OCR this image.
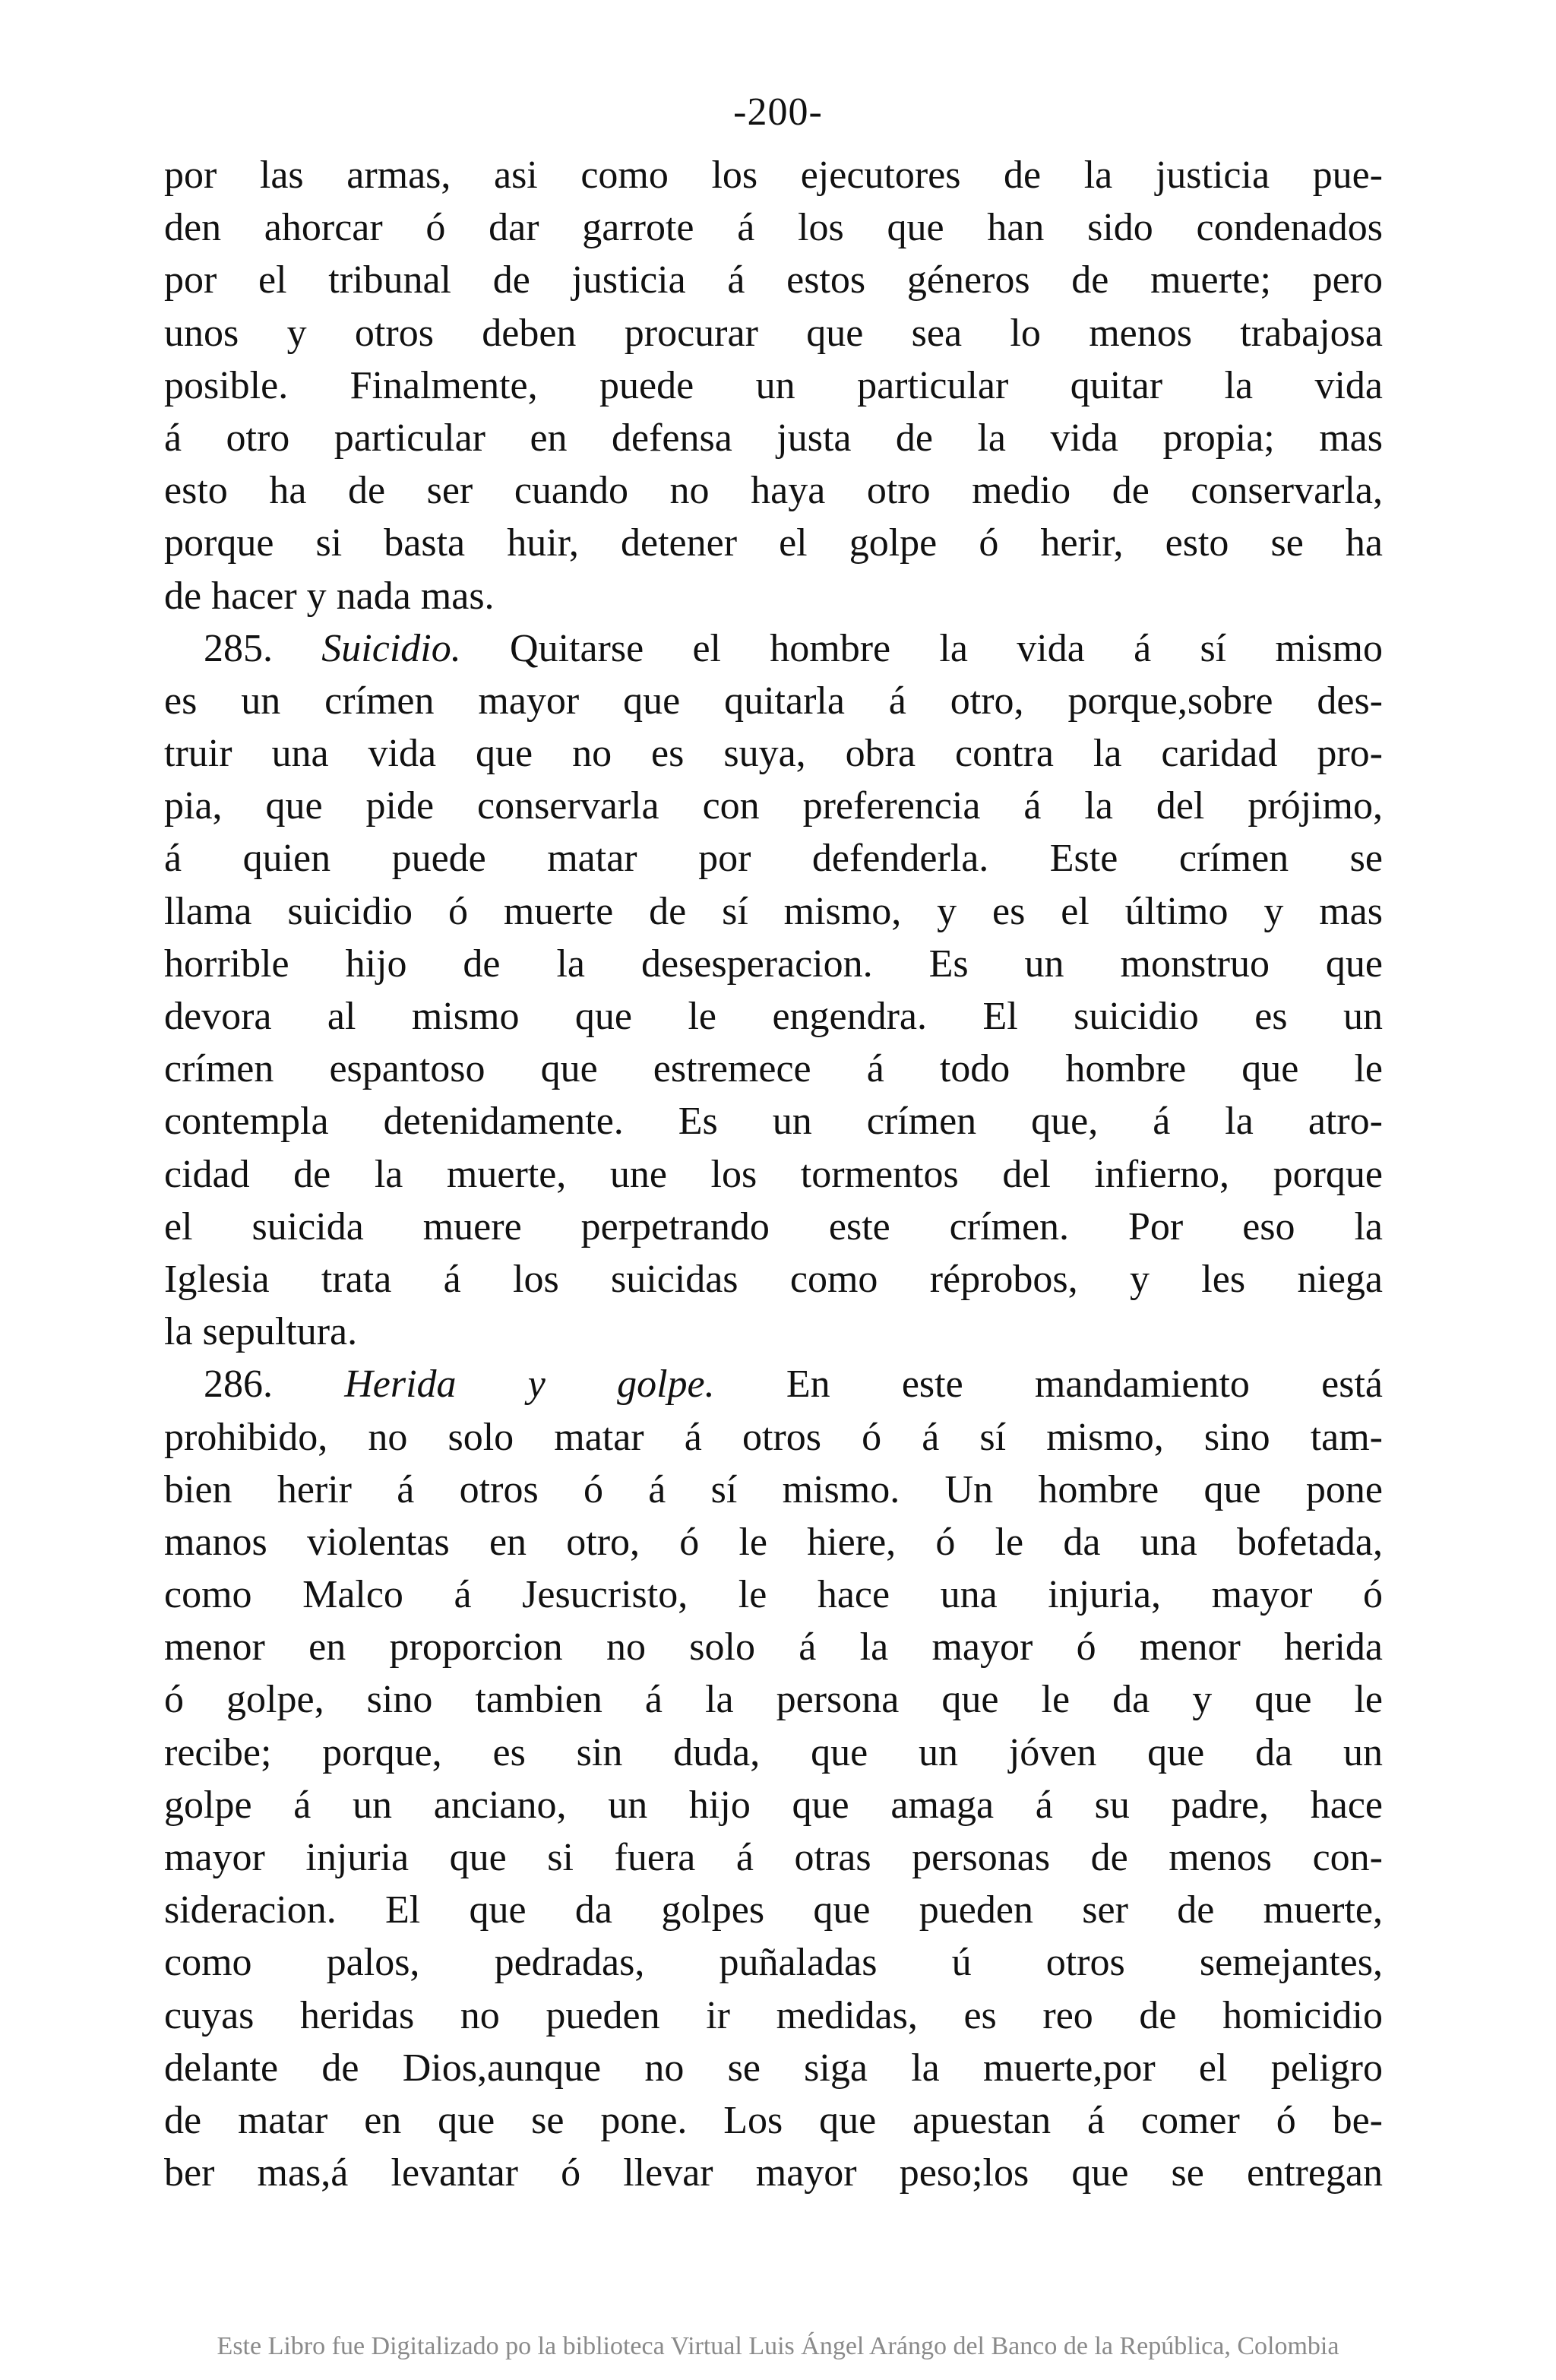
-200-
por las armas, asi como los ejecutores de la justicia pue-
den ahorcar ó dar garrote á los que han sido condenados
por el tribunal de justicia á estos géneros de muerte; pero
unos y otros deben procurar que sea lo menos trabajosa
posible. Finalmente, puede un particular quitar la vida
á otro particular en defensa justa de la vida propia; mas
esto ha de ser cuando no haya otro medio de conservarla,
porque si basta huir, detener el golpe ó herir, esto se ha
de hacer y nada mas.
285. Suicidio. Quitarse el hombre la vida á sí mismo
es un crímen mayor que quitarla á otro, porque,sobre des-
truir una vida que no es suya, obra contra la caridad pro-
pia, que pide conservarla con preferencia á la del prójimo,
á quien puede matar por defenderla. Este crímen se
llama suicidio ó muerte de sí mismo, y es el último y mas
horrible hijo de la desesperacion. Es un monstruo que
devora al mismo que le engendra. El suicidio es un
crímen espantoso que estremece á todo hombre que le
contempla detenidamente. Es un crímen que, á la atro-
cidad de la muerte, une los tormentos del infierno, porque
el suicida muere perpetrando este crímen. Por eso la
Iglesia trata á los suicidas como réprobos, y les niega
la sepultura.
286. Herida y golpe. En este mandamiento está
prohibido, no solo matar á otros ó á sí mismo, sino tam-
bien herir á otros ó á sí mismo. Un hombre que pone
manos violentas en otro, ó le hiere, ó le da una bofetada,
como Malco á Jesucristo, le hace una injuria, mayor ó
menor en proporcion no solo á la mayor ó menor herida
ó golpe, sino tambien á la persona que le da y que le
recibe; porque, es sin duda, que un jóven que da un
golpe á un anciano, un hijo que amaga á su padre, hace
mayor injuria que si fuera á otras personas de menos con-
sideracion. El que da golpes que pueden ser de muerte,
como palos, pedradas, puñaladas ú otros semejantes,
cuyas heridas no pueden ir medidas, es reo de homicidio
delante de Dios,aunque no se siga la muerte,por el peligro
de matar en que se pone. Los que apuestan á comer ó be-
ber mas,á levantar ó llevar mayor peso;los que se entregan
Este Libro fue Digitalizado po la biblioteca Virtual Luis Ángel Arángo del Banco de la República, Colombia
